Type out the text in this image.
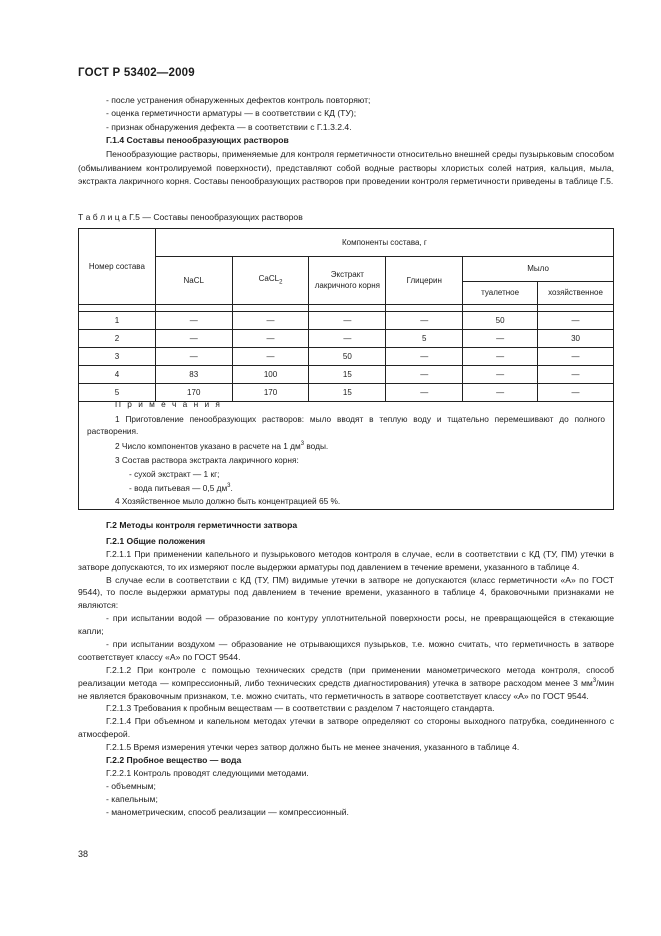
ГОСТ Р 53402—2009

- после устранения обнаруженных дефектов контроль повторяют;

- оценка герметичности арматуры — в соответствии с КД (ТУ);

- признак обнаружения дефекта — в соответствии с Г.1.3.2.4.

Г.1.4 Составы пенообразующих растворов

Пенообразующие растворы, применяемые для контроля герметичности относительно внешней среды пузырьковым способом (обмыливанием контролируемой поверхности), представляют собой водные растворы хлористых солей натрия, кальция, мыла, экстракта лакричного корня. Составы пенообразующих растворов при проведении контроля герметичности приведены в таблице Г.5.

Т а б л и ц а Г.5 — Составы пенообразующих растворов
Номер состава	Компоненты состава, г					
	NaCL	CaCL$_2$	Экстракт лакричного корня	Глицерин	Мыло	
					туалетное	хозяйственное

1	—	—	—	—	50	—
2	—	—	—	5	—	30
3	—	—	50	—	—	—
4	83	100	15	—	—	—
5	170	170	15	—	—	—

П р и м е ч а н и я

1 Приготовление пенообразующих растворов: мыло вводят в теплую воду и тщательно перемешивают до полного растворения.

2 Число компонентов указано в расчете на 1 $дм^3$ воды.

3 Состав раствора экстракта лакричного корня:

- сухой экстракт — 1 кг;

- вода питьевая — 0,5 $дм^3$.

4 Хозяйственное мыло должно быть концентрацией 65 %.

Г.2 Методы контроля герметичности затвора

Г.2.1 Общие положения

Г.2.1.1 При применении капельного и пузырькового методов контроля в случае, если в соответствии с КД (ТУ, ПМ) утечки в затворе допускаются, то их измеряют после выдержки арматуры под давлением в течение времени, указанного в таблице 4.

В случае если в соответствии с КД (ТУ, ПМ) видимые утечки в затворе не допускаются (класс герметичности «А» по ГОСТ 9544), то после выдержки арматуры под давлением в течение времени, указанного в таблице 4, браковочными признаками не являются:

- при испытании водой — образование по контуру уплотнительной поверхности росы, не превращающейся в стекающие капли;

- при испытании воздухом — образование не отрывающихся пузырьков, т.е. можно считать, что герметичность в затворе соответствует классу «А» по ГОСТ 9544.

Г.2.1.2 При контроле с помощью технических средств (при применении манометрического метода контроля, способ реализации метода — компрессионный, либо технических средств диагностирования) утечка в затворе расходом менее 3 $мм^3$/мин не является браковочным признаком, т.е. можно считать, что герметичность в затворе соответствует классу «А» по ГОСТ 9544.

Г.2.1.3 Требования к пробным веществам — в соответствии с разделом 7 настоящего стандарта.

Г.2.1.4 При объемном и капельном методах утечки в затворе определяют со стороны выходного патрубка, соединенного с атмосферой.

Г.2.1.5 Время измерения утечки через затвор должно быть не менее значения, указанного в таблице 4.

Г.2.2 Пробное вещество — вода

Г.2.2.1 Контроль проводят следующими методами.

- объемным;

- капельным;

- манометрическим, способ реализации — компрессионный.

38
